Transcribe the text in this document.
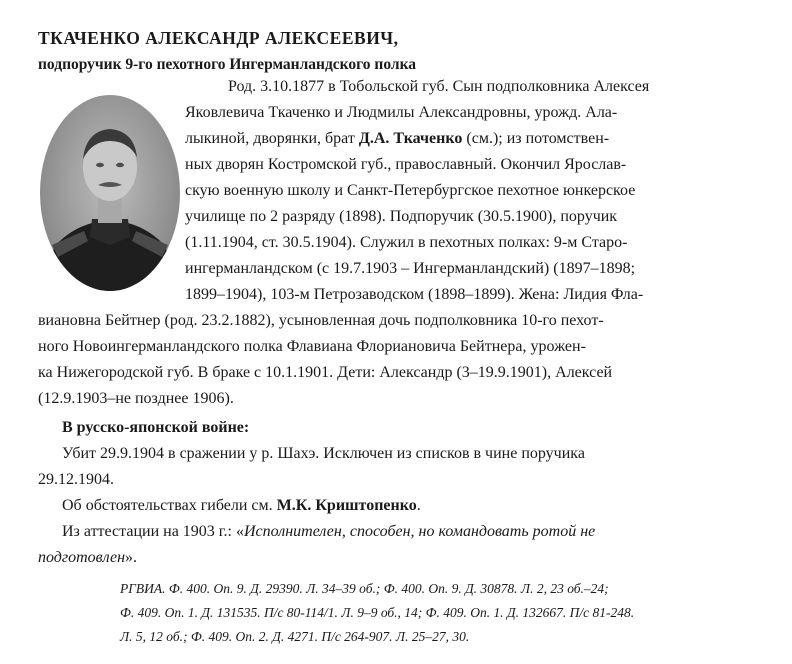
ТКАЧЕНКО АЛЕКСАНДР АЛЕКСЕЕВИЧ,
подпоручик 9-го пехотного Ингерманландского полка
Род. 3.10.1877 в Тобольской губ. Сын подполковника Алексея
Яковлевича Ткаченко и Людмилы Александровны, урожд. Ала-
лыкиной, дворянки, брат Д.А. Ткаченко (см.); из потомствен-
ных дворян Костромской губ., православный. Окончил Ярослав-
скую военную школу и Санкт-Петербургское пехотное юнкерское
училище по 2 разряду (1898). Подпоручик (30.5.1900), поручик
(1.11.1904, ст. 30.5.1904). Служил в пехотных полках: 9-м Старо-
ингерманландском (с 19.7.1903 – Ингерманландский) (1897–1898;
1899–1904), 103-м Петрозаводском (1898–1899). Жена: Лидия Фла-
виановна Бейтнер (род. 23.2.1882), усыновленная дочь подполковника 10-го пехот-
ного Новоингерманландского полка Флавиана Флориановича Бейтнера, урожен-
ка Нижегородской губ. В браке с 10.1.1901. Дети: Александр (3–19.9.1901), Алексей
(12.9.1903–не позднее 1906).
В русско-японской войне:
Убит 29.9.1904 в сражении у р. Шахэ. Исключен из списков в чине поручика
29.12.1904.
Об обстоятельствах гибели см. М.К. Криштопенко.
Из аттестации на 1903 г.: «Исполнителен, способен, но командовать ротой не
подготовлен».
РГВИА. Ф. 400. Оп. 9. Д. 29390. Л. 34–39 об.; Ф. 400. Оп. 9. Д. 30878. Л. 2, 23 об.–24;
Ф. 409. Оп. 1. Д. 131535. П/с 80-114/1. Л. 9–9 об., 14; Ф. 409. Оп. 1. Д. 132667. П/с 81-248.
Л. 5, 12 об.; Ф. 409. Оп. 2. Д. 4271. П/с 264-907. Л. 25–27, 30.
